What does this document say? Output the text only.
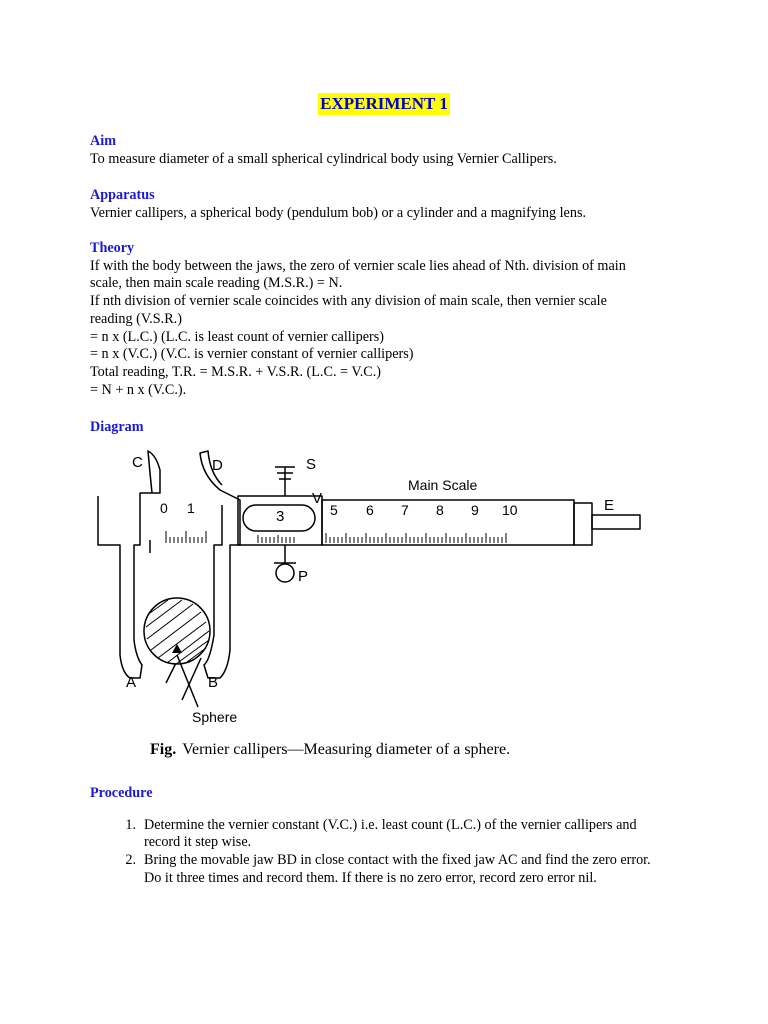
EXPERIMENT 1
Aim
To measure diameter of a small spherical cylindrical body using Vernier Callipers.
Apparatus
Vernier callipers, a spherical body (pendulum bob) or a cylinder and a magnifying lens.
Theory
If with the body between the jaws, the zero of vernier scale lies ahead of Nth. division of main
scale, then main scale reading (M.S.R.) = N.
If nth division of vernier scale coincides with any division of main scale, then vernier scale
reading (V.S.R.)
= n x (L.C.) (L.C. is least count of vernier callipers)
= n x (V.C.) (V.C. is vernier constant of vernier callipers)
Total reading, T.R. = M.S.R. + V.S.R. (L.C. = V.C.)
= N + n x (V.C.).
Diagram
C	D	S
V	E
P
A	B
Main Scale
Sphere
0 1	3	5 6 7 8 9 10
Fig. Vernier callipers—Measuring diameter of a sphere.
Procedure
1. Determine the vernier constant (V.C.) i.e. least count (L.C.) of the vernier callipers and
record it step wise.
2. Bring the movable jaw BD in close contact with the fixed jaw AC and find the zero error.
Do it three times and record them. If there is no zero error, record zero error nil.
